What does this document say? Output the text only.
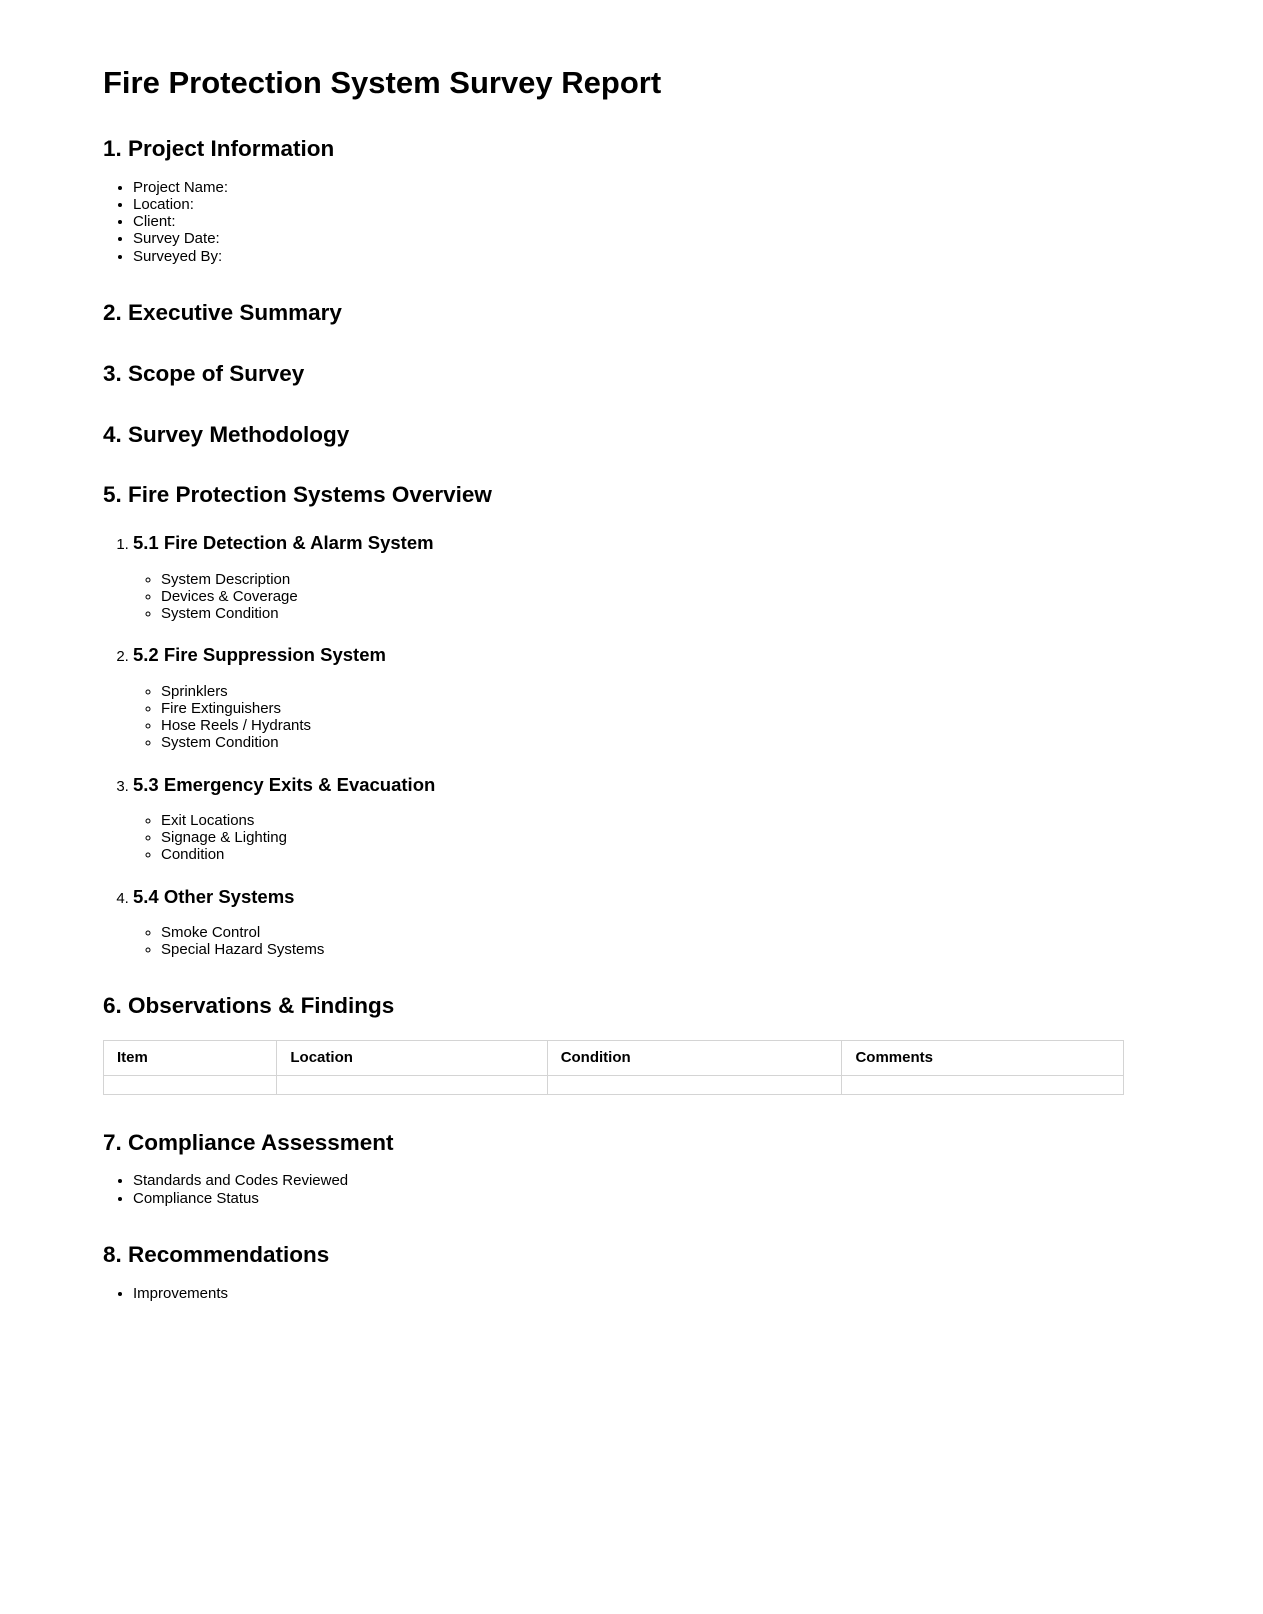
Fire Protection System Survey Report
1. Project Information
• Project Name:
• Location:
• Client:
• Survey Date:
• Surveyed By:
2. Executive Summary
3. Scope of Survey
4. Survey Methodology
5. Fire Protection Systems Overview
1. 5.1 Fire Detection & Alarm System
◦ System Description
◦ Devices & Coverage
◦ System Condition
2. 5.2 Fire Suppression System
◦ Sprinklers
◦ Fire Extinguishers
◦ Hose Reels / Hydrants
◦ System Condition
3. 5.3 Emergency Exits & Evacuation
◦ Exit Locations
◦ Signage & Lighting
◦ Condition
4. 5.4 Other Systems
◦ Smoke Control
◦ Special Hazard Systems
6. Observations & Findings
Item	Location	Condition	Comments

7. Compliance Assessment
• Standards and Codes Reviewed
• Compliance Status
8. Recommendations
• Improvements
